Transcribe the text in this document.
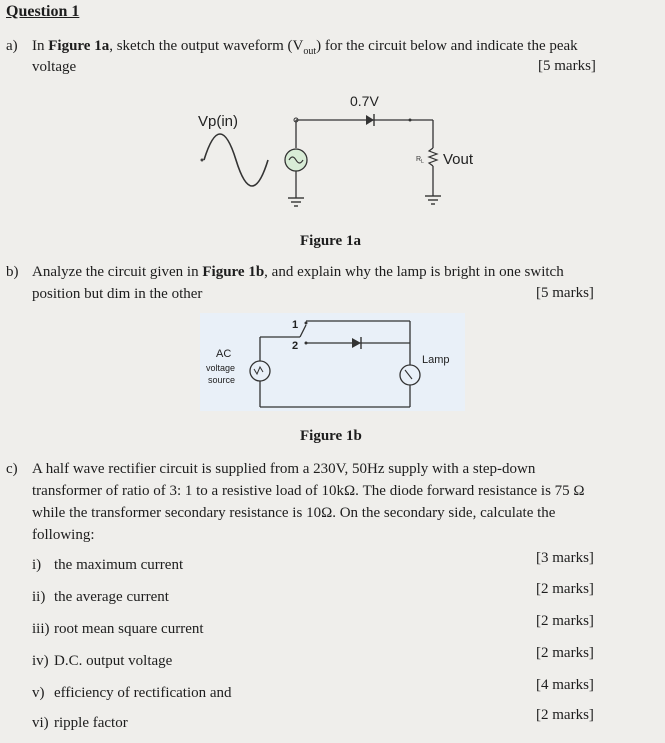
Question 1
a) In Figure 1a, sketch the output waveform $(V_{out})$ for the circuit below and indicate the peak
voltage	[5 marks]
Vp(in)
0.7V
$R_L$ Vout
Figure 1a
b) Analyze the circuit given in Figure 1b, and explain why the lamp is bright in one switch
position but dim in the other	[5 marks]
AC
voltage
source
1
2
Lamp
Figure 1b
c) A half wave rectifier circuit is supplied from a 230V, 50Hz supply with a step-down
transformer of ratio of 3: 1 to a resistive load of 10kΩ. The diode forward resistance is 75 Ω
while the transformer secondary resistance is 10Ω. On the secondary side, calculate the
following:
i) the maximum current	[3 marks]
ii) the average current	[2 marks]
iii) root mean square current	[2 marks]
iv) D.C. output voltage	[2 marks]
v) efficiency of rectification and	[4 marks]
vi) ripple factor	[2 marks]
